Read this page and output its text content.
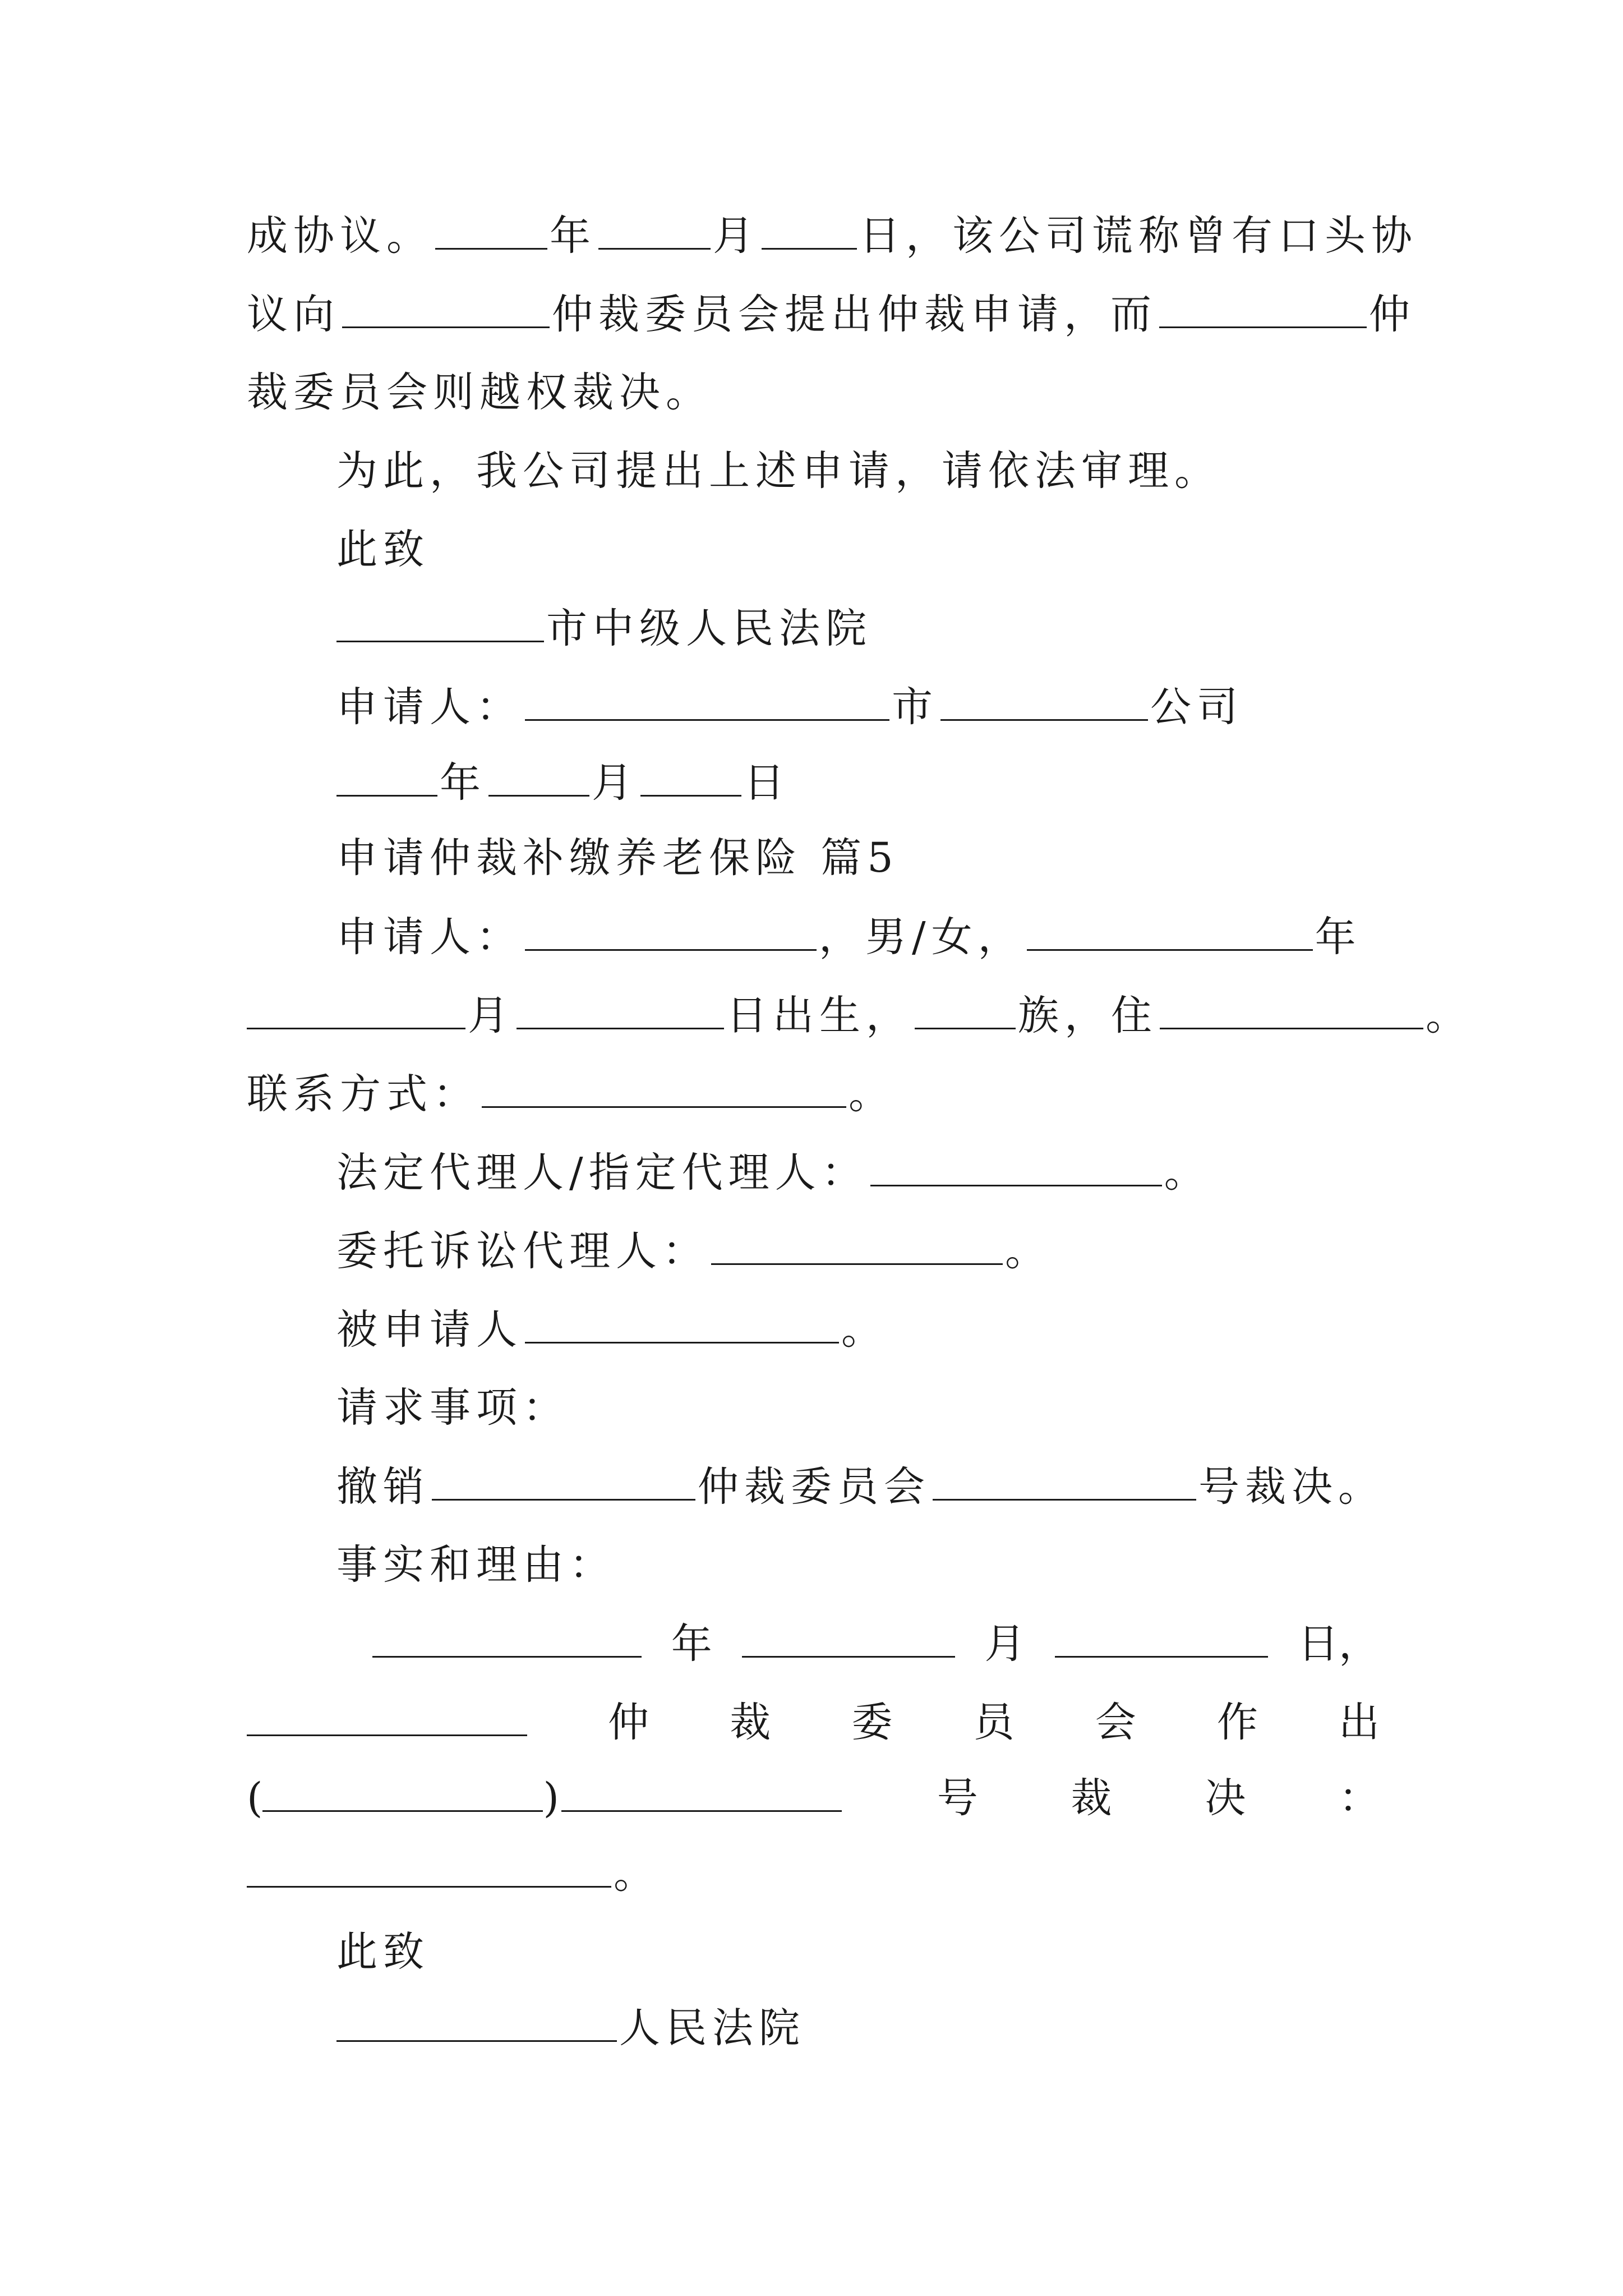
成协议。	年	月 日，该公司谎称曾有口头协
议向	仲裁委员会提出仲裁申请，而	仲
裁委员会则越权裁决。
为此，我公司提出上述申请，请依法审理。
此致
市中级人民法院
申请人：	市	公司
年	月	日
申请仲裁补缴养老保险 篇5
申请人：	，男/女，	年
月	日出生，	族，住	。
联系方式：	。
法定代理人/指定代理人：	。
委托诉讼代理人：	。
被申请人	。
请求事项：
撤销	仲裁委员会	号裁决。
事实和理由：
年	月	日，
仲 裁 委 员 会 作 出
(	)	号 裁 决 ：
。
此致
人民法院
